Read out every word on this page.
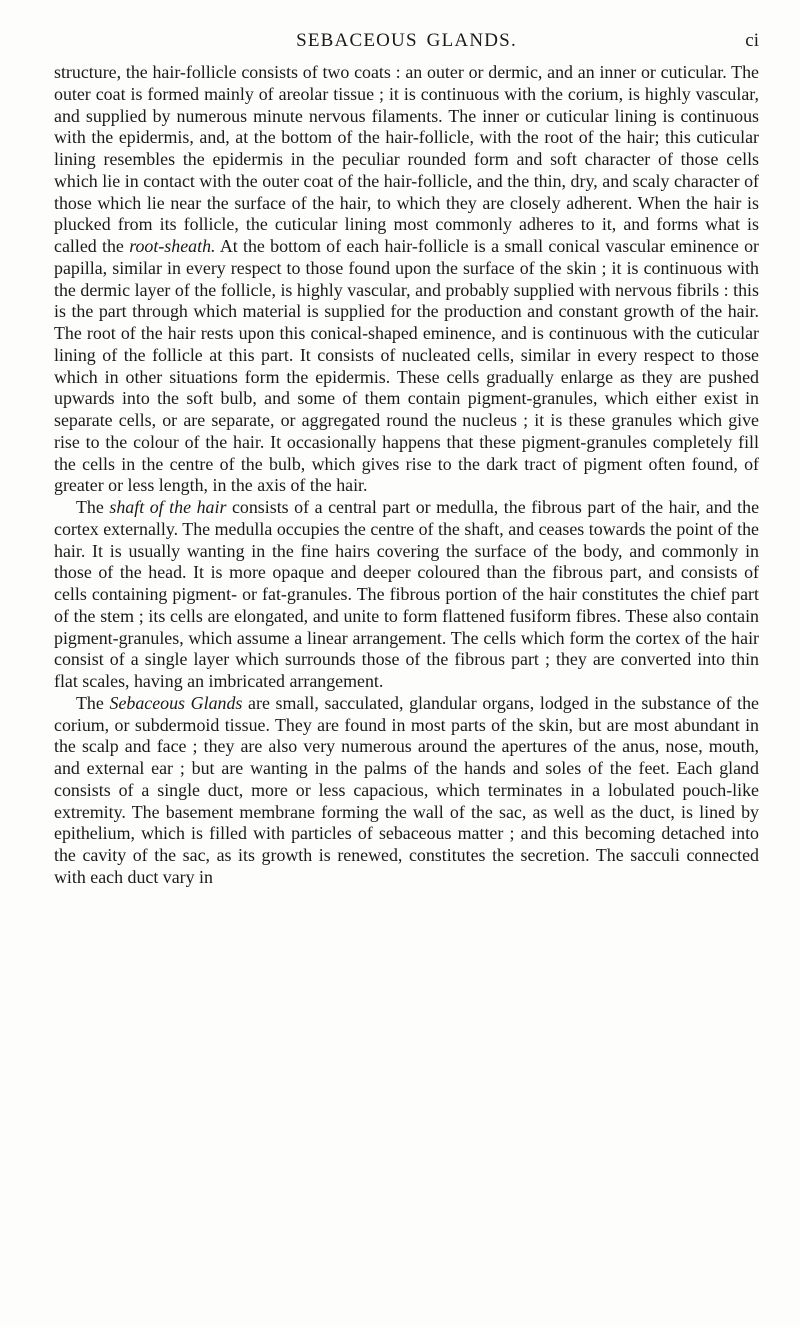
SEBACEOUS GLANDS.	ci

structure, the hair-follicle consists of two coats : an outer or dermic, and an inner or cuticular. The outer coat is formed mainly of areolar tissue ; it is continuous with the corium, is highly vascular, and supplied by numerous minute nervous filaments. The inner or cuticular lining is continuous with the epidermis, and, at the bottom of the hair-follicle, with the root of the hair; this cuticular lining resembles the epidermis in the peculiar rounded form and soft character of those cells which lie in contact with the outer coat of the hair-follicle, and the thin, dry, and scaly character of those which lie near the surface of the hair, to which they are closely adherent. When the hair is plucked from its follicle, the cuticular lining most commonly adheres to it, and forms what is called the root-sheath. At the bottom of each hair-follicle is a small conical vascular eminence or papilla, similar in every respect to those found upon the surface of the skin ; it is continuous with the dermic layer of the follicle, is highly vascular, and probably supplied with nervous fibrils : this is the part through which material is supplied for the production and constant growth of the hair. The root of the hair rests upon this conical-shaped eminence, and is continuous with the cuticular lining of the follicle at this part. It consists of nucleated cells, similar in every respect to those which in other situations form the epidermis. These cells gradually enlarge as they are pushed upwards into the soft bulb, and some of them contain pigment-granules, which either exist in separate cells, or are separate, or aggregated round the nucleus ; it is these granules which give rise to the colour of the hair. It occasionally happens that these pigment-granules completely fill the cells in the centre of the bulb, which gives rise to the dark tract of pigment often found, of greater or less length, in the axis of the hair.

The shaft of the hair consists of a central part or medulla, the fibrous part of the hair, and the cortex externally. The medulla occupies the centre of the shaft, and ceases towards the point of the hair. It is usually wanting in the fine hairs covering the surface of the body, and commonly in those of the head. It is more opaque and deeper coloured than the fibrous part, and consists of cells containing pigment- or fat-granules. The fibrous portion of the hair constitutes the chief part of the stem ; its cells are elongated, and unite to form flattened fusiform fibres. These also contain pigment-granules, which assume a linear arrangement. The cells which form the cortex of the hair consist of a single layer which surrounds those of the fibrous part ; they are converted into thin flat scales, having an imbricated arrangement.

The Sebaceous Glands are small, sacculated, glandular organs, lodged in the substance of the corium, or subdermoid tissue. They are found in most parts of the skin, but are most abundant in the scalp and face ; they are also very numerous around the apertures of the anus, nose, mouth, and external ear ; but are wanting in the palms of the hands and soles of the feet. Each gland consists of a single duct, more or less capacious, which terminates in a lobulated pouch-like extremity. The basement membrane forming the wall of the sac, as well as the duct, is lined by epithelium, which is filled with particles of sebaceous matter ; and this becoming detached into the cavity of the sac, as its growth is renewed, constitutes the secretion. The sacculi connected with each duct vary in
